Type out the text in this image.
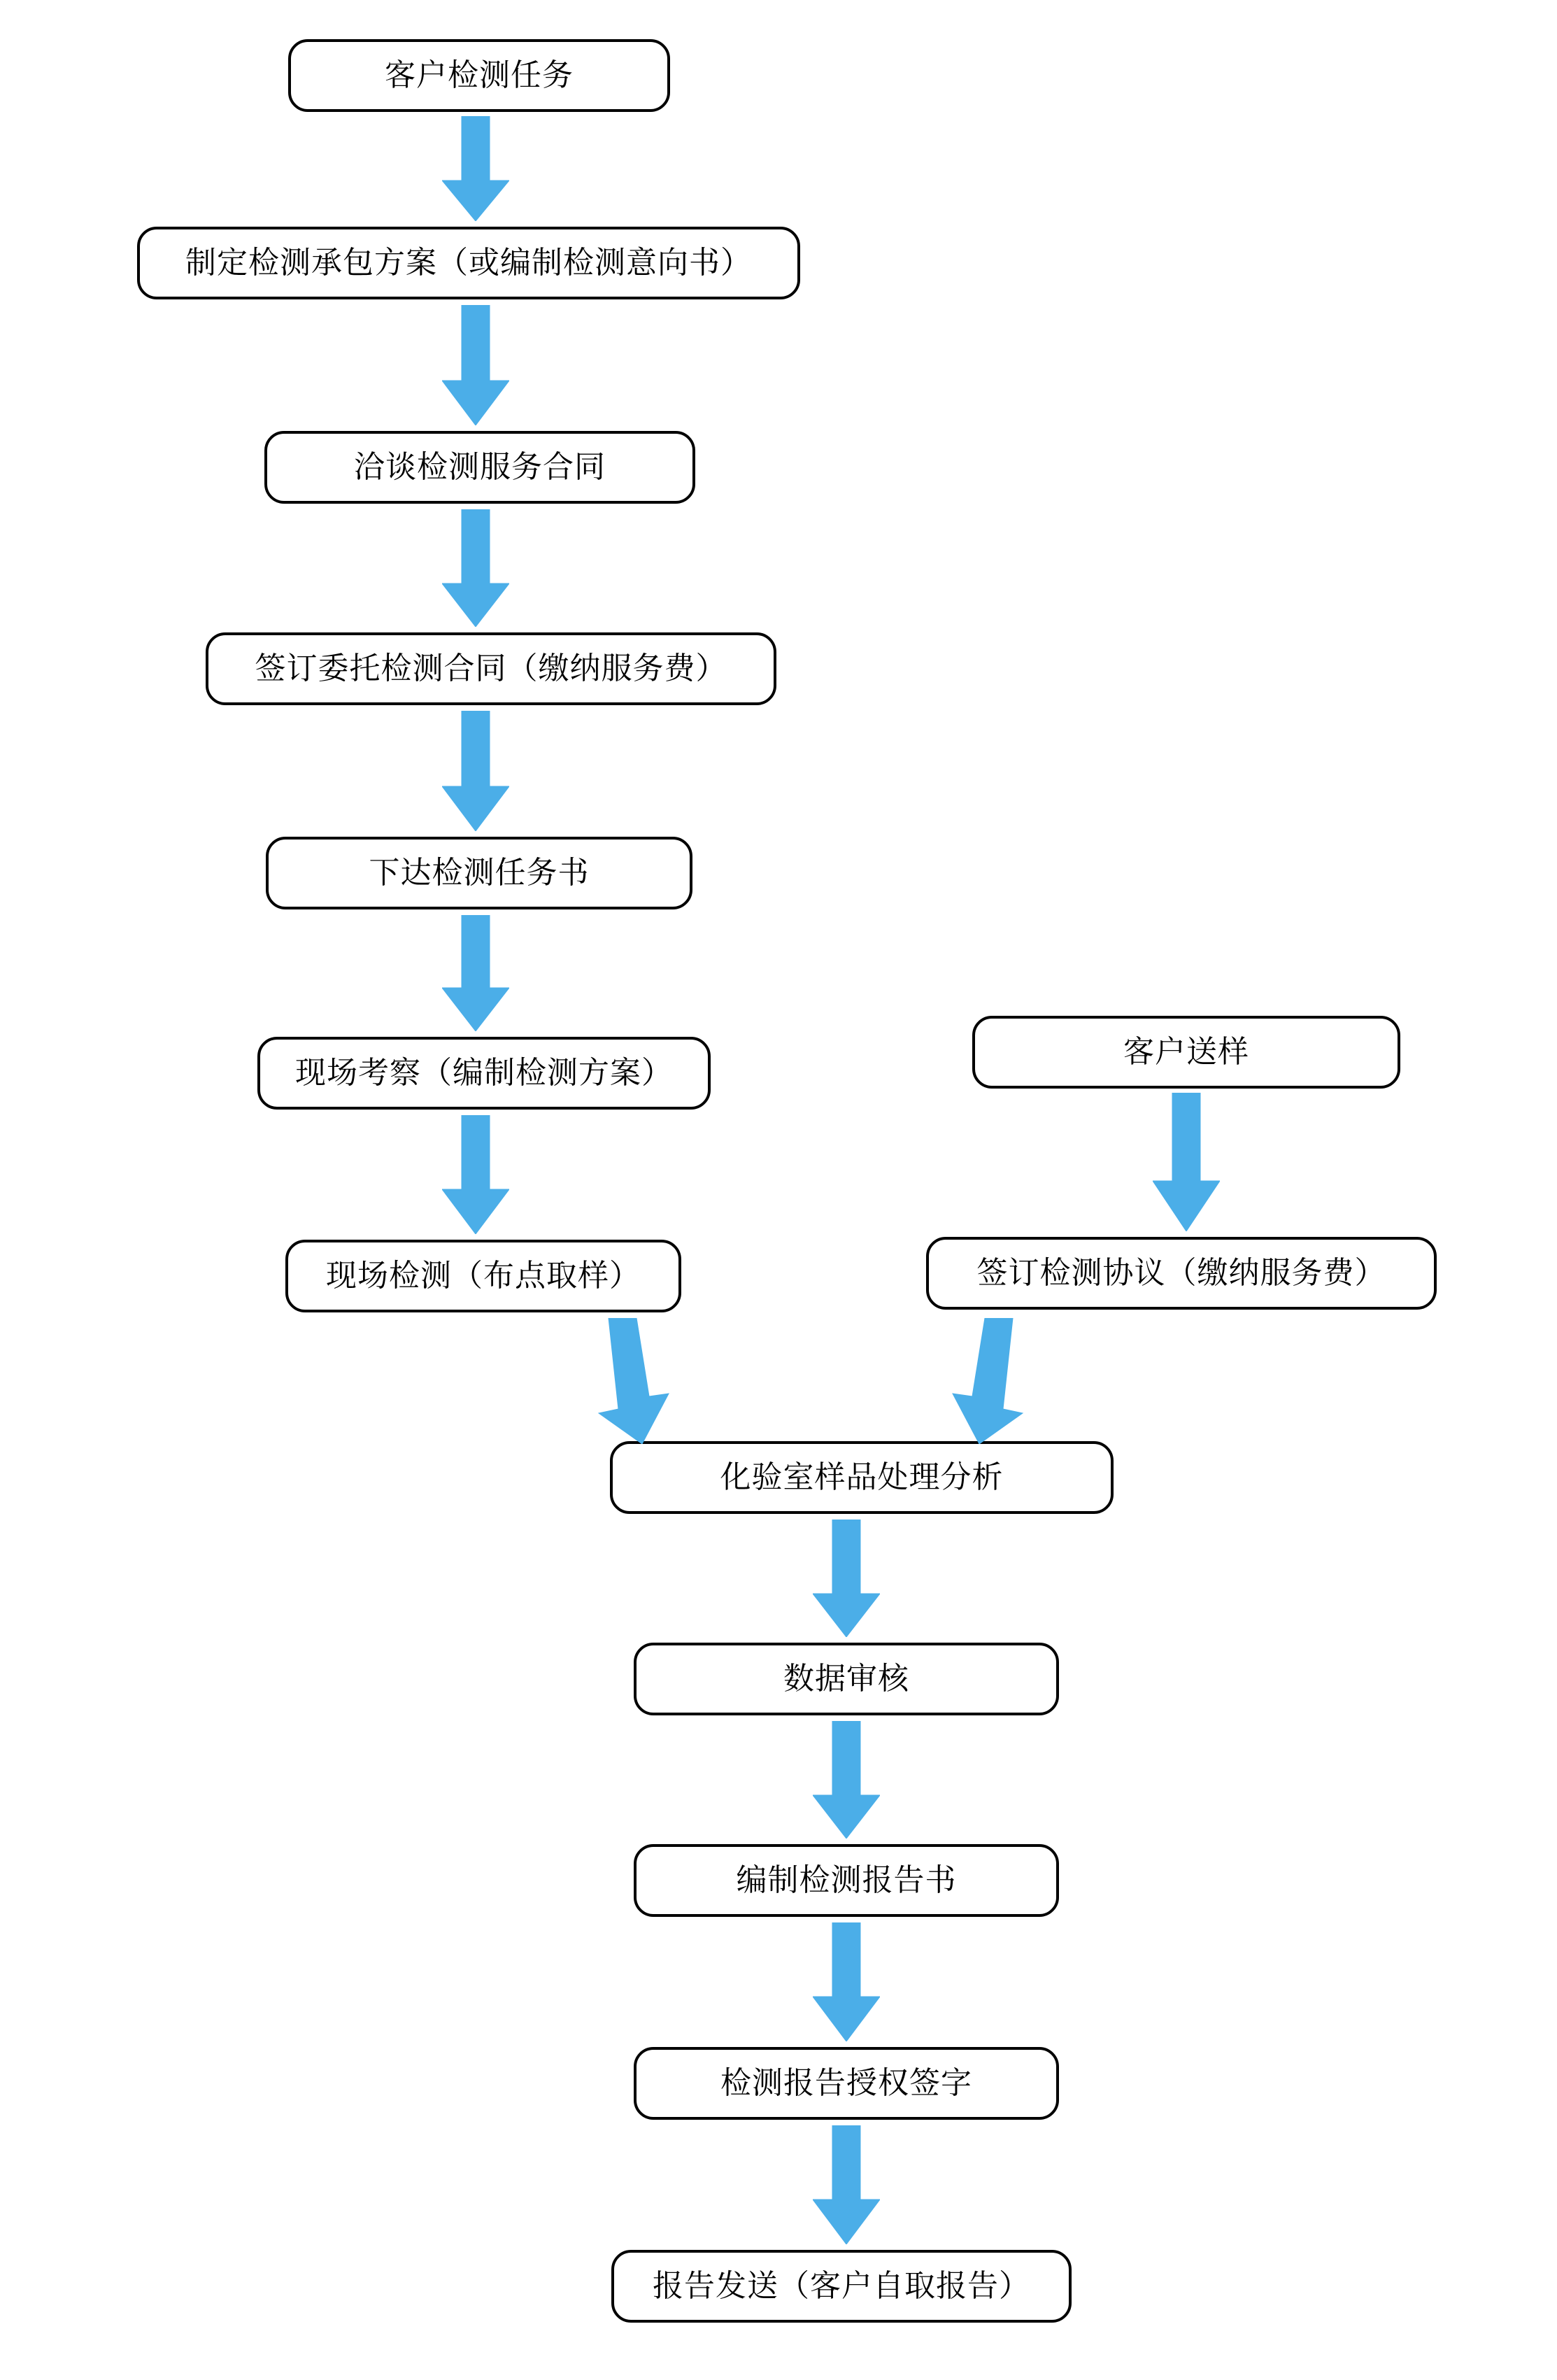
客户检测任务
制定检测承包方案（或编制检测意向书）
洽谈检测服务合同
签订委托检测合同（缴纳服务费）
下达检测任务书
现场考察（编制检测方案）
现场检测（布点取样）
客户送样
签订检测协议（缴纳服务费）
化验室样品处理分析
数据审核
编制检测报告书
检测报告授权签字
报告发送（客户自取报告）
